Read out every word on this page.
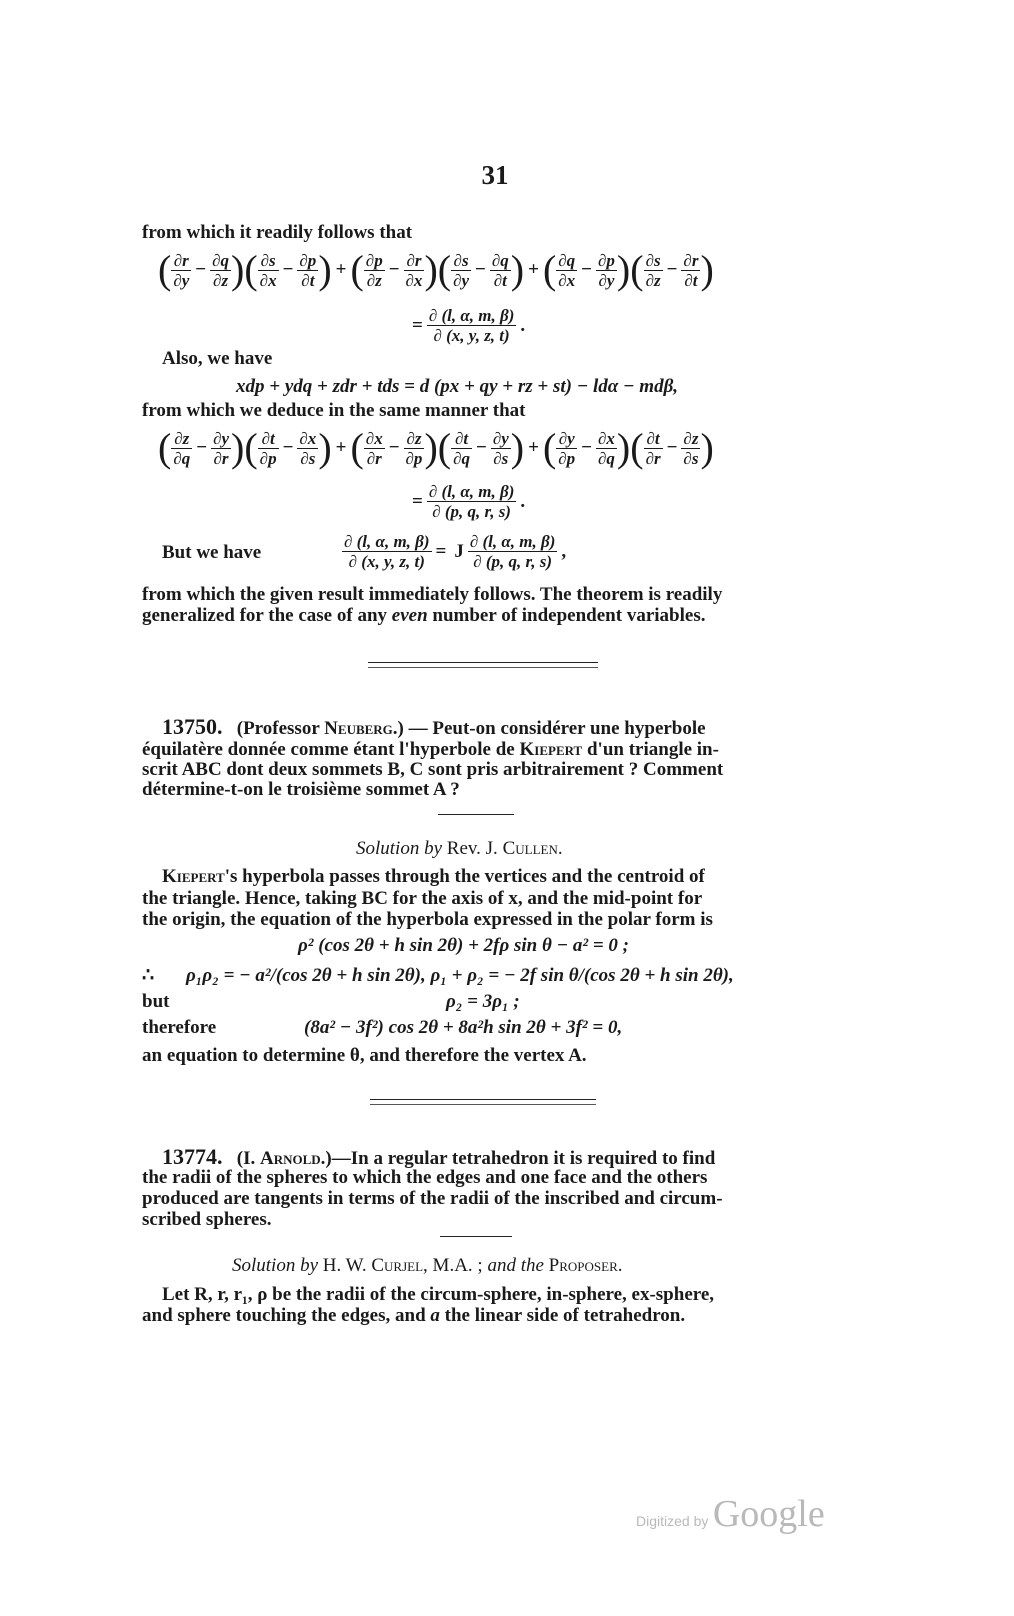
31
from which it readily follows that
( $\frac{\partial r}{\partial y} - \frac{\partial q}{\partial z}$ ) ( $\frac{\partial s}{\partial x} - \frac{\partial p}{\partial t}$ ) + ( $\frac{\partial p}{\partial z} - \frac{\partial r}{\partial x}$ ) ( $\frac{\partial s}{\partial y} - \frac{\partial q}{\partial t}$ ) + ( $\frac{\partial q}{\partial x} - \frac{\partial p}{\partial y}$ ) ( $\frac{\partial s}{\partial z} - \frac{\partial r}{\partial t}$ )
= $\frac{\partial (l, \alpha, m, \beta)}{\partial (x, y, z, t)}$ .
Also, we have
xdp + ydq + zdr + tds = d (px + qy + rz + st) − ldα − mdβ,
from which we deduce in the same manner that
( $\frac{\partial z}{\partial q} - \frac{\partial y}{\partial r}$ ) ( $\frac{\partial t}{\partial p} - \frac{\partial x}{\partial s}$ ) + ( $\frac{\partial x}{\partial r} - \frac{\partial z}{\partial p}$ ) ( $\frac{\partial t}{\partial q} - \frac{\partial y}{\partial s}$ ) + ( $\frac{\partial y}{\partial p} - \frac{\partial x}{\partial q}$ ) ( $\frac{\partial t}{\partial r} - \frac{\partial z}{\partial s}$ )
= $\frac{\partial (l, \alpha, m, \beta)}{\partial (p, q, r, s)}$ .
But we have	$\frac{\partial (l, \alpha, m, \beta)}{\partial (x, y, z, t)} = J \frac{\partial (l, \alpha, m, \beta)}{\partial (p, q, r, s)}$ ,
from which the given result immediately follows. The theorem is readily
generalized for the case of any even number of independent variables.
13750. (Professor Neuberg.) — Peut-on considérer une hyperbole
équilatère donnée comme étant l'hyperbole de Kiepert d'un triangle in-
scrit ABC dont deux sommets B, C sont pris arbitrairement ? Comment
détermine-t-on le troisième sommet A ?
Solution by Rev. J. Cullen.
Kiepert's hyperbola passes through the vertices and the centroid of
the triangle. Hence, taking BC for the axis of x, and the mid-point for
the origin, the equation of the hyperbola expressed in the polar form is
ρ² (cos 2θ + h sin 2θ) + 2fρ sin θ − a² = 0 ;
∴ ρ₁ρ₂ = − a²/(cos 2θ + h sin 2θ), ρ₁ + ρ₂ = − 2f sin θ/(cos 2θ + h sin 2θ),
but	ρ₂ = 3ρ₁ ;
therefore	(8a² − 3f²) cos 2θ + 8a²h sin 2θ + 3f² = 0,
an equation to determine θ, and therefore the vertex A.
13774. (I. Arnold.)—In a regular tetrahedron it is required to find
the radii of the spheres to which the edges and one face and the others
produced are tangents in terms of the radii of the inscribed and circum-
scribed spheres.
Solution by H. W. Curjel, M.A. ; and the Proposer.
Let R, r, r₁, ρ be the radii of the circum-sphere, in-sphere, ex-sphere,
and sphere touching the edges, and a the linear side of tetrahedron.
Digitized by Google
